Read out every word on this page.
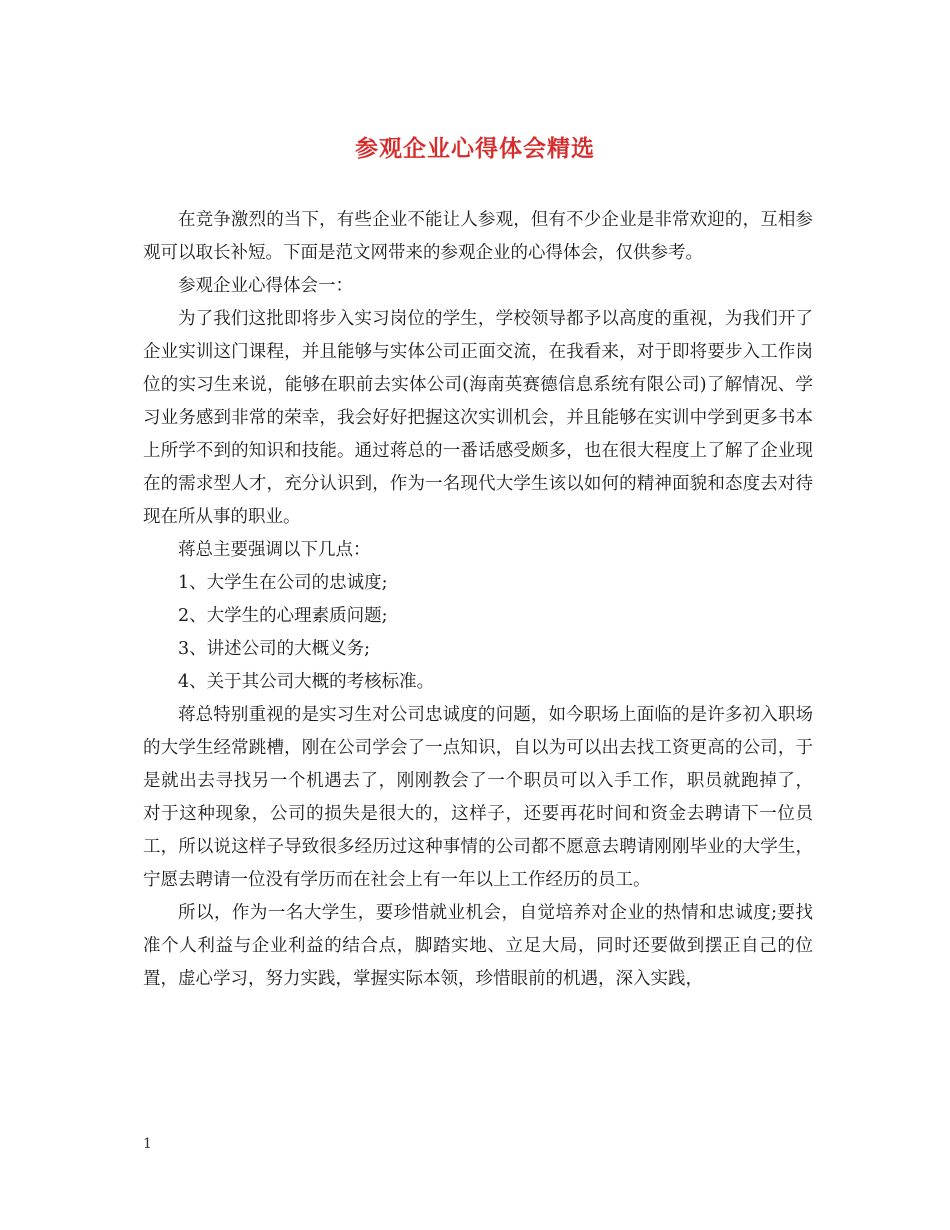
参观企业心得体会精选

在竞争激烈的当下，有些企业不能让人参观，但有不少企业是非常欢迎的，互相参观可以取长补短。下面是范文网带来的参观企业的心得体会，仅供参考。

参观企业心得体会一：

为了我们这批即将步入实习岗位的学生，学校领导都予以高度的重视，为我们开了企业实训这门课程，并且能够与实体公司正面交流，在我看来，对于即将要步入工作岗位的实习生来说，能够在职前去实体公司(海南英赛德信息系统有限公司)了解情况、学习业务感到非常的荣幸，我会好好把握这次实训机会，并且能够在实训中学到更多书本上所学不到的知识和技能。通过蒋总的一番话感受颇多，也在很大程度上了解了企业现在的需求型人才，充分认识到，作为一名现代大学生该以如何的精神面貌和态度去对待现在所从事的职业。

蒋总主要强调以下几点：

1、大学生在公司的忠诚度;

2、大学生的心理素质问题;

3、讲述公司的大概义务;

4、关于其公司大概的考核标准。

蒋总特别重视的是实习生对公司忠诚度的问题，如今职场上面临的是许多初入职场的大学生经常跳槽，刚在公司学会了一点知识，自以为可以出去找工资更高的公司，于是就出去寻找另一个机遇去了，刚刚教会了一个职员可以入手工作，职员就跑掉了， 对于这种现象，公司的损失是很大的，这样子，还要再花时间和资金去聘请下一位员工，所以说这样子导致很多经历过这种事情的公司都不愿意去聘请刚刚毕业的大学生，宁愿去聘请一位没有学历而在社会上有一年以上工作经历的员工。

所以，作为一名大学生，要珍惜就业机会，自觉培养对企业的热情和忠诚度;要找准个人利益与企业利益的结合点，脚踏实地、立足大局，同时还要做到摆正自己的位置，虚心学习，努力实践，掌握实际本领，珍惜眼前的机遇，深入实践，

1
